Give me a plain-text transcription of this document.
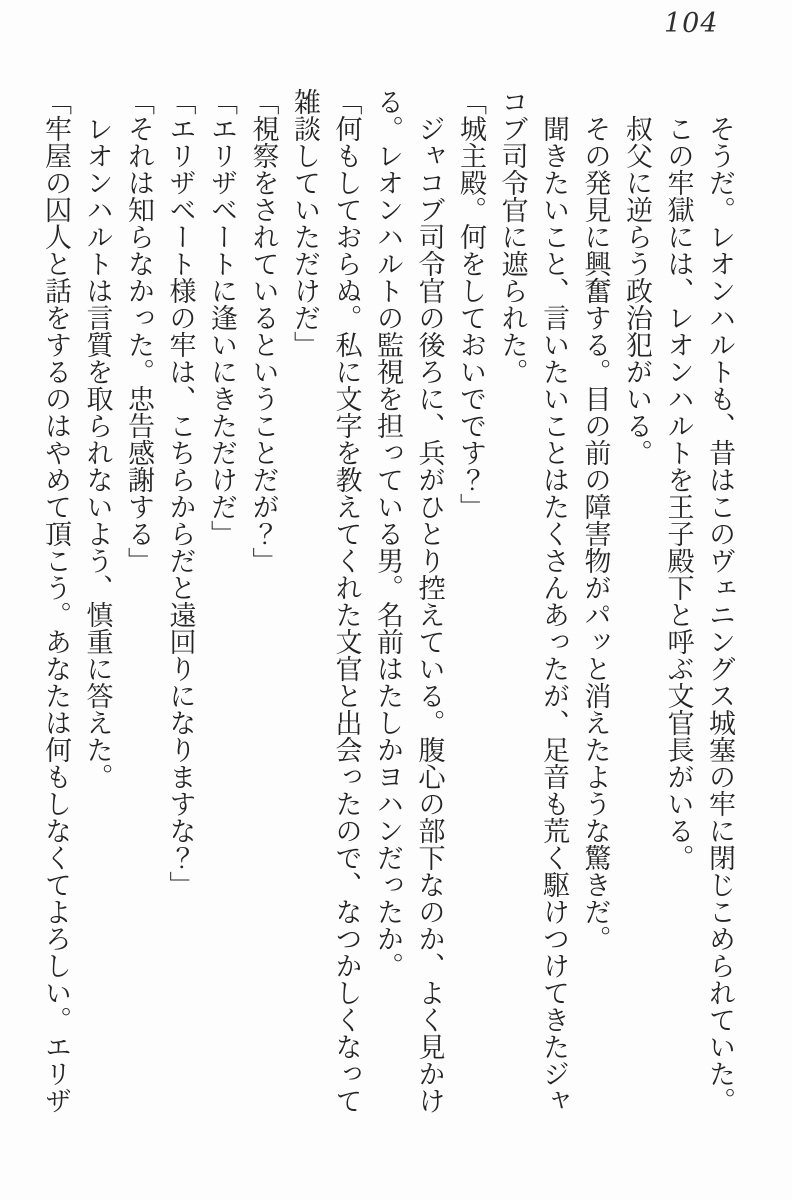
104

そうだ。レオンハルトも、昔はこのヴェニングス城塞の牢に閉じこめられていた。

この牢獄には、レオンハルトを王子殿下と呼ぶ文官長がいる。

叔父に逆らう政治犯がいる。

その発見に興奮する。目の前の障害物がパッと消えたような驚きだ。

聞きたいこと、言いたいことはたくさんあったが、足音も荒く駆けつけてきたジャコブ司令官に遮られた。

「城主殿。何をしておいでです？」

ジャコブ司令官の後ろに、兵がひとり控えている。腹心の部下なのか、よく見かける。レオンハルトの監視を担っている男。名前はたしかヨハンだったか。

「何もしておらぬ。私に文字を教えてくれた文官と出会ったので、なつかしくなって雑談していただけだ」

「視察をされているということだが？」

「エリザベートに逢いにきただけだ」

「エリザベート様の牢は、こちらからだと遠回りになりますな？」

「それは知らなかった。忠告感謝する」

レオンハルトは言質を取られないよう、慎重に答えた。

「牢屋の囚人と話をするのはやめて頂こう。あなたは何もしなくてよろしい。エリザ
